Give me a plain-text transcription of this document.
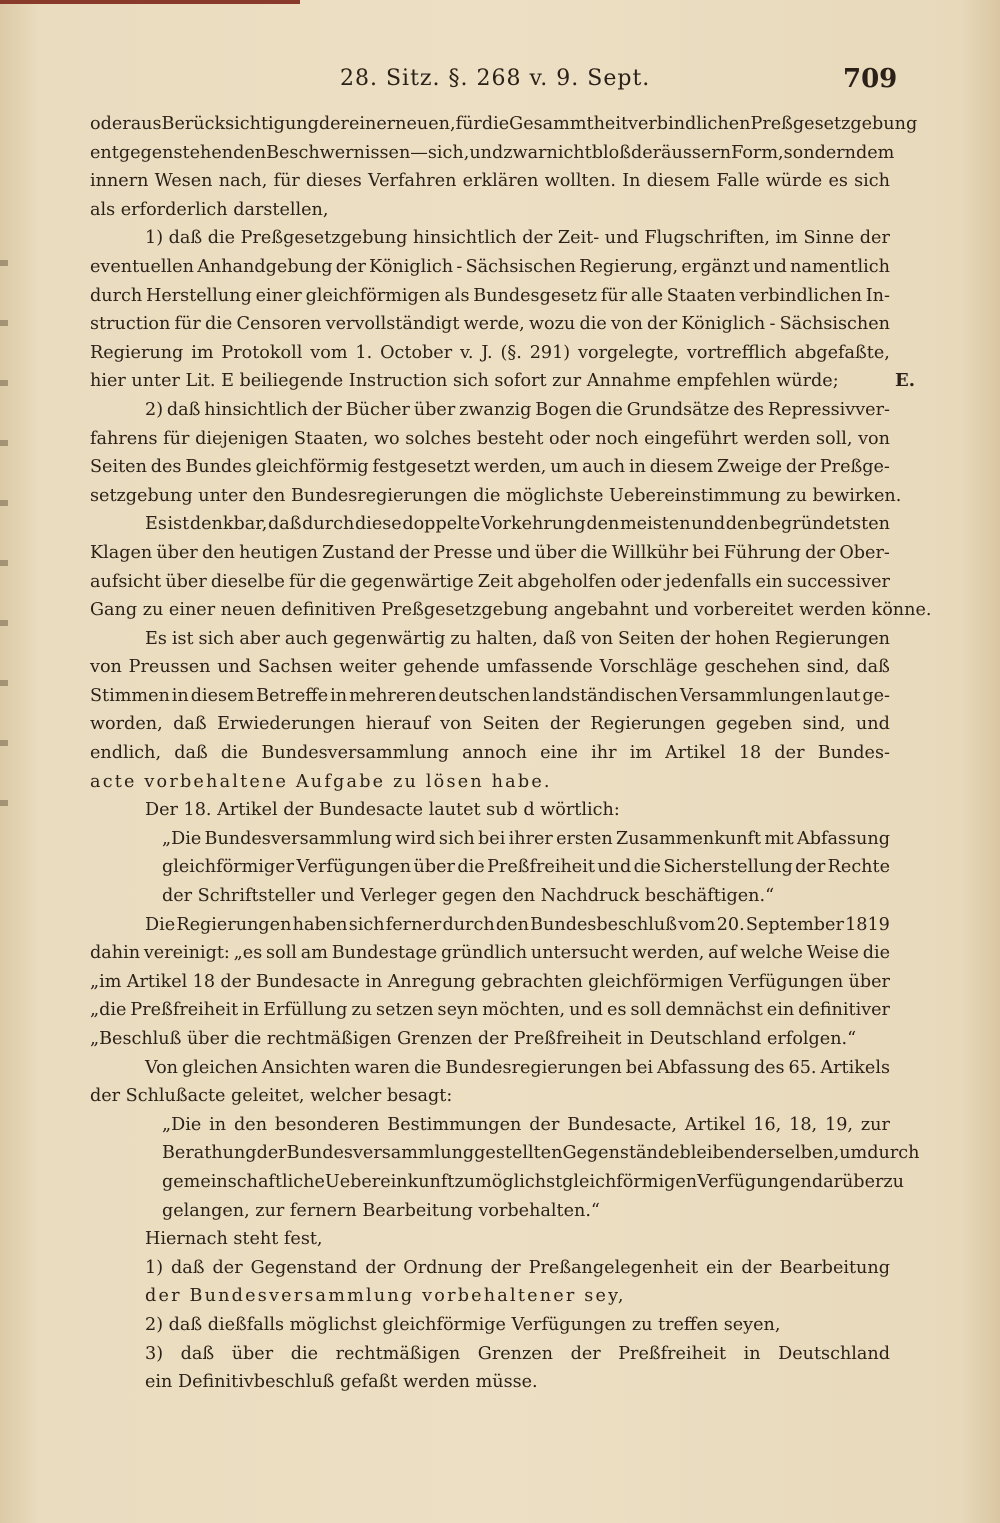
28. Sitz. §. 268 v. 9. Sept.	709
E.
oder aus Berücksichtigung der einer neuen, für die Gesammtheit verbindlichen Preßgesetzgebung
entgegenstehenden Beschwernissen — sich, und zwar nicht bloß der äussern Form, sondern dem
innern Wesen nach, für dieses Verfahren erklären wollten. In diesem Falle würde es sich
als erforderlich darstellen,
1) daß die Preßgesetzgebung hinsichtlich der Zeit- und Flugschriften, im Sinne der
eventuellen Anhandgebung der Königlich - Sächsischen Regierung, ergänzt und namentlich
durch Herstellung einer gleichförmigen als Bundesgesetz für alle Staaten verbindlichen In-
struction für die Censoren vervollständigt werde, wozu die von der Königlich - Sächsischen
Regierung im Protokoll vom 1. October v. J. (§. 291) vorgelegte, vortrefflich abgefaßte,
hier unter Lit. E beiliegende Instruction sich sofort zur Annahme empfehlen würde;
2) daß hinsichtlich der Bücher über zwanzig Bogen die Grundsätze des Repressivver-
fahrens für diejenigen Staaten, wo solches besteht oder noch eingeführt werden soll, von
Seiten des Bundes gleichförmig festgesetzt werden, um auch in diesem Zweige der Preßge-
setzgebung unter den Bundesregierungen die möglichste Uebereinstimmung zu bewirken.
Es ist denkbar, daß durch diese doppelte Vorkehrung den meisten und den begründetsten
Klagen über den heutigen Zustand der Presse und über die Willkühr bei Führung der Ober-
aufsicht über dieselbe für die gegenwärtige Zeit abgeholfen oder jedenfalls ein successiver
Gang zu einer neuen definitiven Preßgesetzgebung angebahnt und vorbereitet werden könne.
Es ist sich aber auch gegenwärtig zu halten, daß von Seiten der hohen Regierungen
von Preussen und Sachsen weiter gehende umfassende Vorschläge geschehen sind, daß
Stimmen in diesem Betreffe in mehreren deutschen landständischen Versammlungen laut ge-
worden, daß Erwiederungen hierauf von Seiten der Regierungen gegeben sind, und
endlich, daß die Bundesversammlung annoch eine ihr im Artikel 18 der Bundes-
acte vorbehaltene Aufgabe zu lösen habe.
Der 18. Artikel der Bundesacte lautet sub d wörtlich:
„Die Bundesversammlung wird sich bei ihrer ersten Zusammenkunft mit Abfassung
gleichförmiger Verfügungen über die Preßfreiheit und die Sicherstellung der Rechte
der Schriftsteller und Verleger gegen den Nachdruck beschäftigen.“
Die Regierungen haben sich ferner durch den Bundesbeschluß vom 20. September 1819
dahin vereinigt: „es soll am Bundestage gründlich untersucht werden, auf welche Weise die
„im Artikel 18 der Bundesacte in Anregung gebrachten gleichförmigen Verfügungen über
„die Preßfreiheit in Erfüllung zu setzen seyn möchten, und es soll demnächst ein definitiver
„Beschluß über die rechtmäßigen Grenzen der Preßfreiheit in Deutschland erfolgen.“
Von gleichen Ansichten waren die Bundesregierungen bei Abfassung des 65. Artikels
der Schlußacte geleitet, welcher besagt:
„Die in den besonderen Bestimmungen der Bundesacte, Artikel 16, 18, 19, zur
Berathung der Bundesversammlung gestellten Gegenstände bleiben derselben, um durch
gemeinschaftliche Uebereinkunft zu möglichst gleichförmigen Verfügungen darüber zu
gelangen, zur fernern Bearbeitung vorbehalten.“
Hiernach steht fest,
1) daß der Gegenstand der Ordnung der Preßangelegenheit ein der Bearbeitung
der Bundesversammlung vorbehaltener sey,
2) daß dießfalls möglichst gleichförmige Verfügungen zu treffen seyen,
3) daß über die rechtmäßigen Grenzen der Preßfreiheit in Deutschland
ein Definitivbeschluß gefaßt werden müsse.
